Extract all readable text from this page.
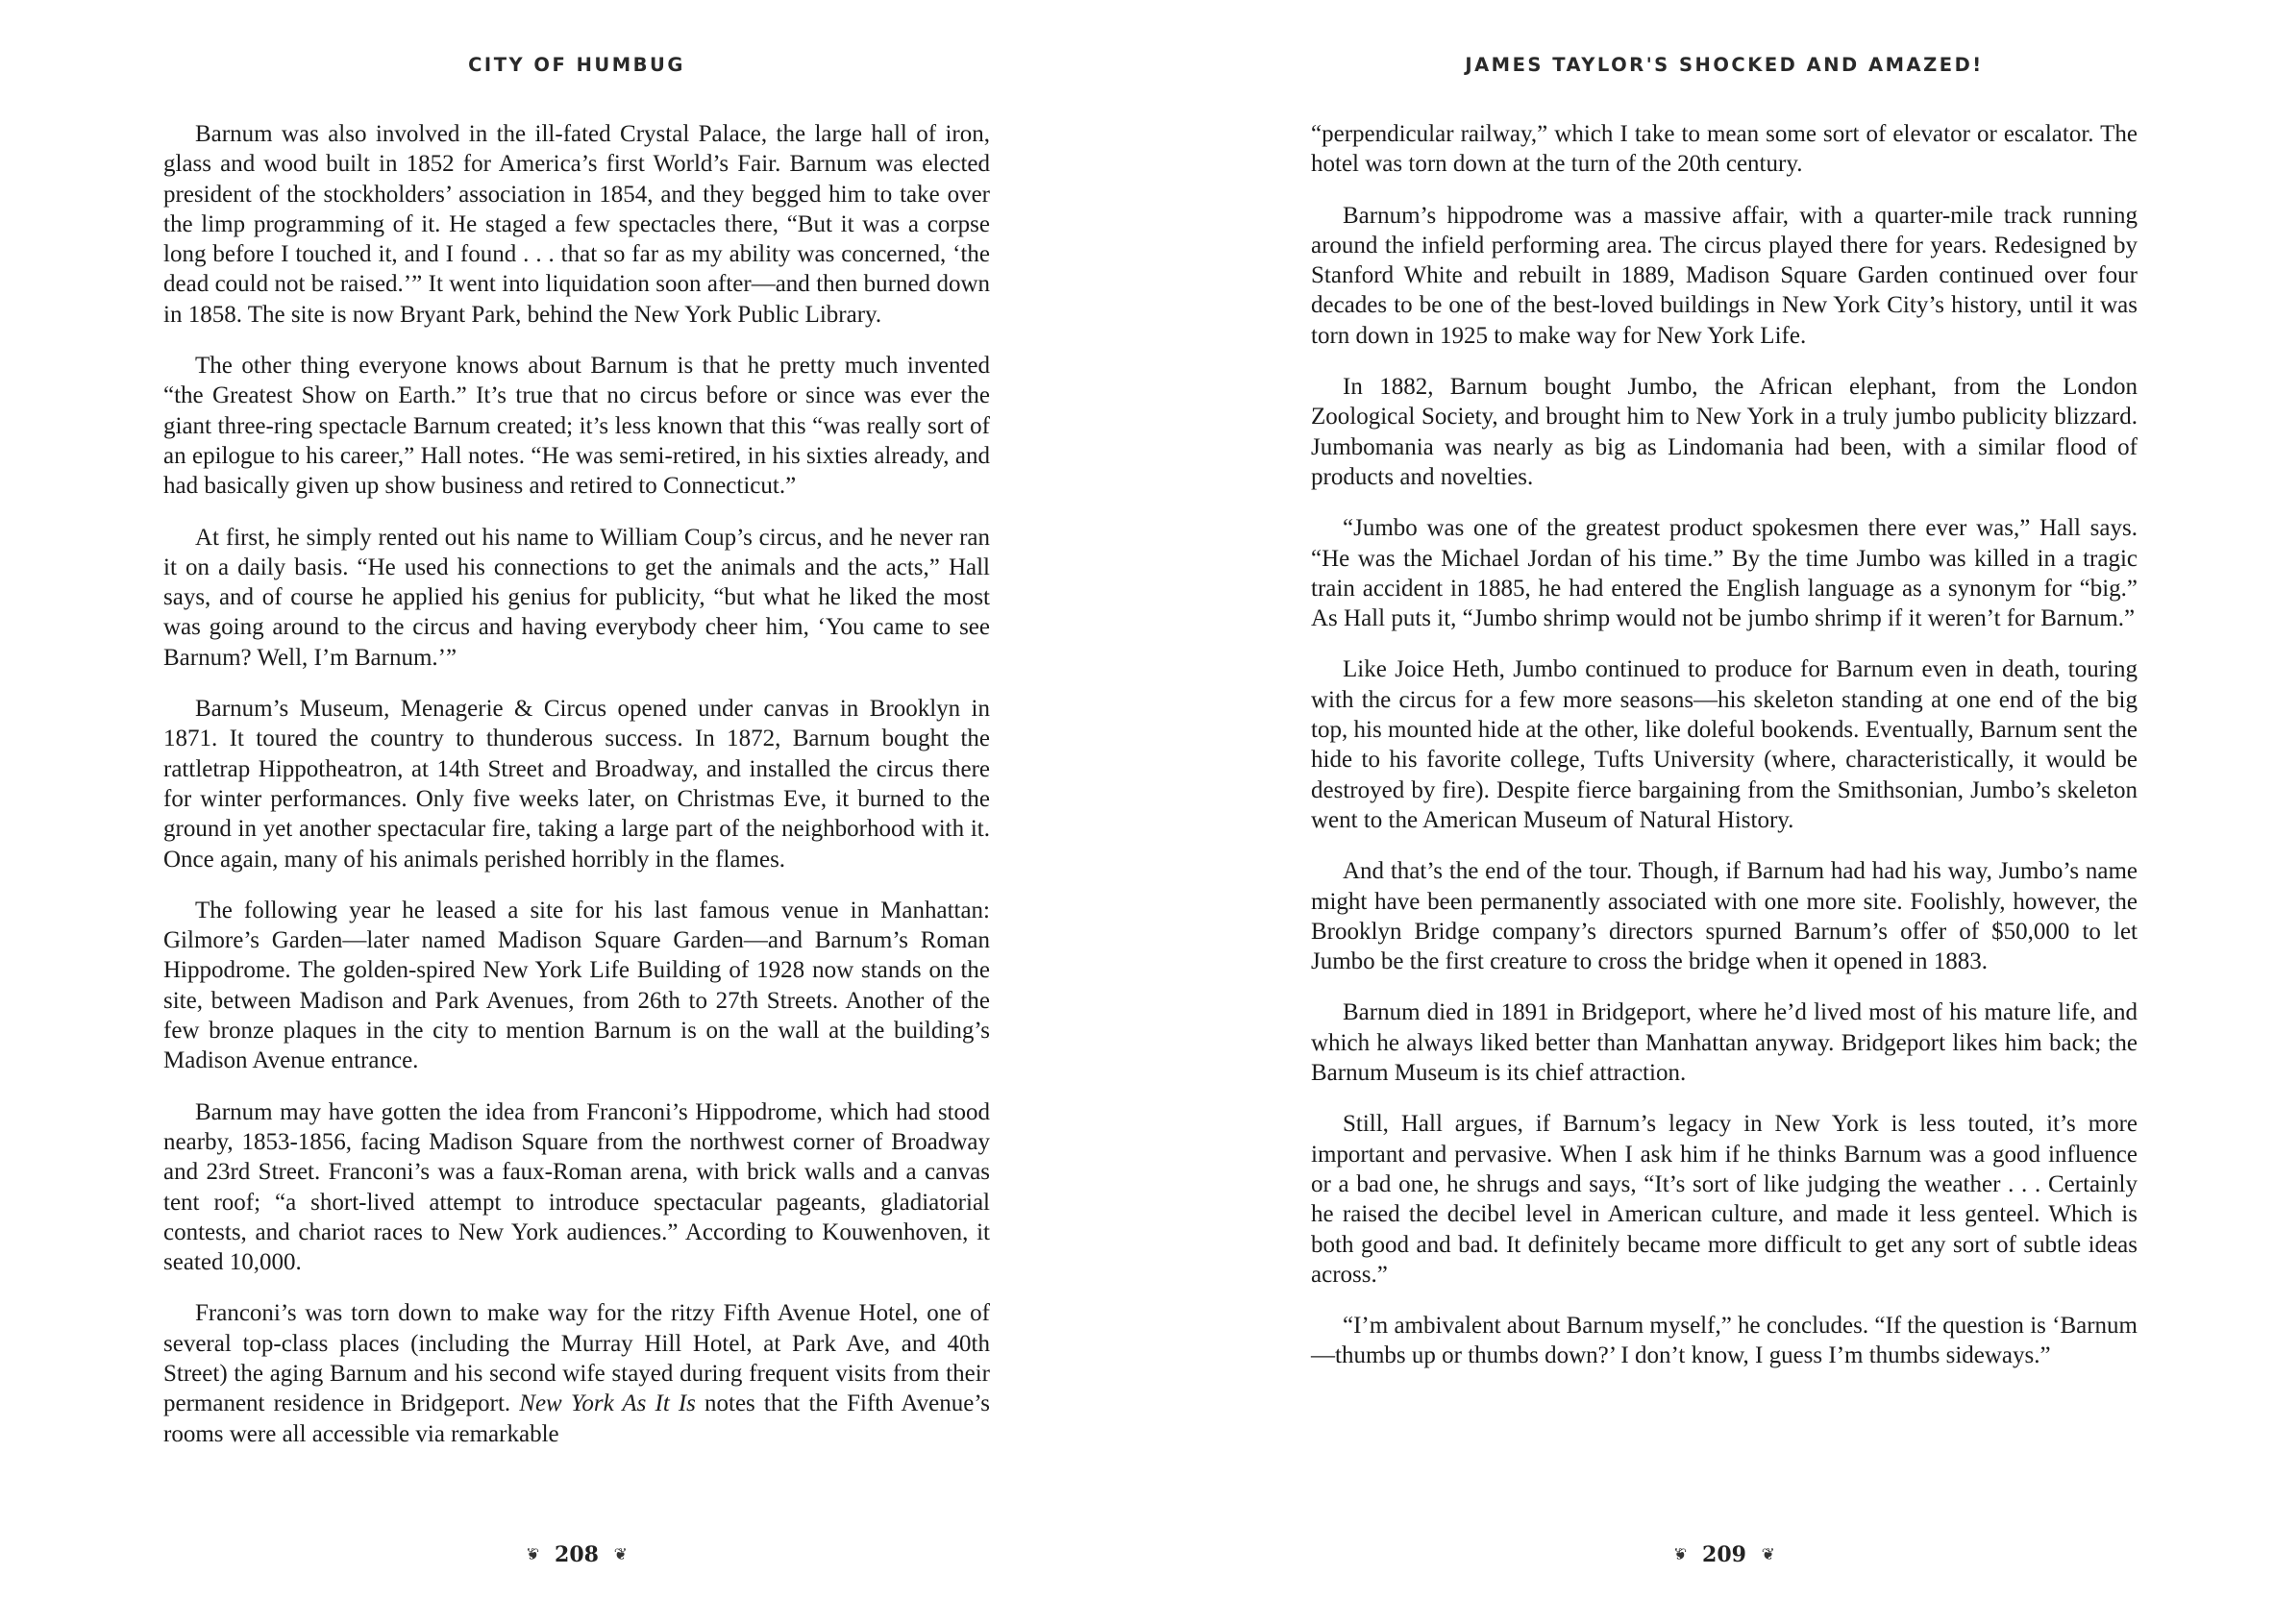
CITY OF HUMBUG

Barnum was also involved in the ill-fated Crystal Palace, the large hall of iron, glass and wood built in 1852 for America’s first World’s Fair. Barnum was elected president of the stockholders’ association in 1854, and they begged him to take over the limp programming of it. He staged a few spectacles there, “But it was a corpse long before I touched it, and I found . . . that so far as my ability was concerned, ‘the dead could not be raised.’” It went into liquidation soon after—and then burned down in 1858. The site is now Bryant Park, behind the New York Public Library.

The other thing everyone knows about Barnum is that he pretty much invented “the Greatest Show on Earth.” It’s true that no circus before or since was ever the giant three-ring spectacle Barnum created; it’s less known that this “was really sort of an epilogue to his career,” Hall notes. “He was semi-retired, in his sixties already, and had basically given up show business and retired to Connecticut.”

At first, he simply rented out his name to William Coup’s circus, and he never ran it on a daily basis. “He used his connections to get the animals and the acts,” Hall says, and of course he applied his genius for publicity, “but what he liked the most was going around to the circus and having everybody cheer him, ‘You came to see Barnum? Well, I’m Barnum.’”

Barnum’s Museum, Menagerie & Circus opened under canvas in Brooklyn in 1871. It toured the country to thunderous success. In 1872, Barnum bought the rattletrap Hippotheatron, at 14th Street and Broadway, and installed the circus there for winter performances. Only five weeks later, on Christmas Eve, it burned to the ground in yet another spectacular fire, taking a large part of the neighborhood with it. Once again, many of his animals perished horribly in the flames.

The following year he leased a site for his last famous venue in Manhattan: Gilmore’s Garden—later named Madison Square Garden—and Barnum’s Roman Hippodrome. The golden-spired New York Life Building of 1928 now stands on the site, between Madison and Park Avenues, from 26th to 27th Streets. Another of the few bronze plaques in the city to mention Barnum is on the wall at the building’s Madison Avenue entrance.

Barnum may have gotten the idea from Franconi’s Hippodrome, which had stood nearby, 1853-1856, facing Madison Square from the northwest corner of Broadway and 23rd Street. Franconi’s was a faux-Roman arena, with brick walls and a canvas tent roof; “a short-lived attempt to introduce spectacular pageants, gladiatorial contests, and chariot races to New York audiences.” According to Kouwenhoven, it seated 10,000.

Franconi’s was torn down to make way for the ritzy Fifth Avenue Hotel, one of several top-class places (including the Murray Hill Hotel, at Park Ave, and 40th Street) the aging Barnum and his second wife stayed during frequent visits from their permanent residence in Bridgeport. New York As It Is notes that the Fifth Avenue’s rooms were all accessible via remarkable

❦ 208 ❦
JAMES TAYLOR'S SHOCKED AND AMAZED!

“perpendicular railway,” which I take to mean some sort of elevator or escalator. The hotel was torn down at the turn of the 20th century.

Barnum’s hippodrome was a massive affair, with a quarter-mile track running around the infield performing area. The circus played there for years. Redesigned by Stanford White and rebuilt in 1889, Madison Square Garden continued over four decades to be one of the best-loved buildings in New York City’s history, until it was torn down in 1925 to make way for New York Life.

In 1882, Barnum bought Jumbo, the African elephant, from the London Zoological Society, and brought him to New York in a truly jumbo publicity blizzard. Jumbomania was nearly as big as Lindomania had been, with a similar flood of products and novelties.

“Jumbo was one of the greatest product spokesmen there ever was,” Hall says. “He was the Michael Jordan of his time.” By the time Jumbo was killed in a tragic train accident in 1885, he had entered the English language as a synonym for “big.” As Hall puts it, “Jumbo shrimp would not be jumbo shrimp if it weren’t for Barnum.”

Like Joice Heth, Jumbo continued to produce for Barnum even in death, touring with the circus for a few more seasons—his skeleton standing at one end of the big top, his mounted hide at the other, like doleful bookends. Eventually, Barnum sent the hide to his favorite college, Tufts University (where, characteristically, it would be destroyed by fire). Despite fierce bargaining from the Smithsonian, Jumbo’s skeleton went to the American Museum of Natural History.

And that’s the end of the tour. Though, if Barnum had had his way, Jumbo’s name might have been permanently associated with one more site. Foolishly, however, the Brooklyn Bridge company’s directors spurned Barnum’s offer of $50,000 to let Jumbo be the first creature to cross the bridge when it opened in 1883.

Barnum died in 1891 in Bridgeport, where he’d lived most of his mature life, and which he always liked better than Manhattan anyway. Bridgeport likes him back; the Barnum Museum is its chief attraction.

Still, Hall argues, if Barnum’s legacy in New York is less touted, it’s more important and pervasive. When I ask him if he thinks Barnum was a good influence or a bad one, he shrugs and says, “It’s sort of like judging the weather . . . Certainly he raised the decibel level in American culture, and made it less genteel. Which is both good and bad. It definitely became more difficult to get any sort of subtle ideas across.”

“I’m ambivalent about Barnum myself,” he concludes. “If the question is ‘Barnum—thumbs up or thumbs down?’ I don’t know, I guess I’m thumbs sideways.”

❦ 209 ❦
